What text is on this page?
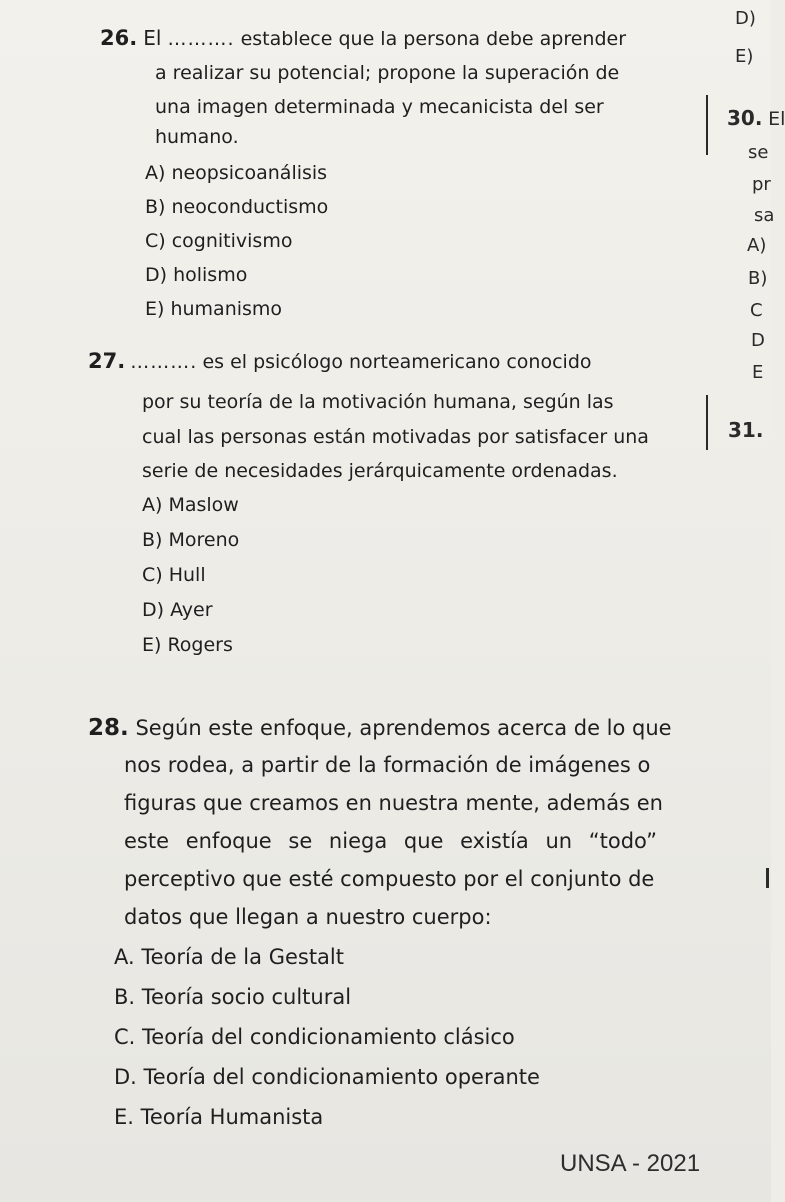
26. El ………. establece que la persona debe aprender
a realizar su potencial; propone la superación de
una imagen determinada y mecanicista del ser
humano.
A) neopsicoanálisis
B) neoconductismo
C) cognitivismo
D) holismo
E) humanismo
27. ………. es el psicólogo norteamericano conocido
por su teoría de la motivación humana, según las
cual las personas están motivadas por satisfacer una
serie de necesidades jerárquicamente ordenadas.
A) Maslow
B) Moreno
C) Hull
D) Ayer
E) Rogers
28. Según este enfoque, aprendemos acerca de lo que
nos rodea, a partir de la formación de imágenes o
figuras que creamos en nuestra mente, además en
este enfoque se niega que existía un “todo”
perceptivo que esté compuesto por el conjunto de
datos que llegan a nuestro cuerpo:
A. Teoría de la Gestalt
B. Teoría socio cultural
C. Teoría del condicionamiento clásico
D. Teoría del condicionamiento operante
E. Teoría Humanista
D)
E)
30. El
se
pr
sa
A)
B)
C
D
E
31.
UNSA - 2021
